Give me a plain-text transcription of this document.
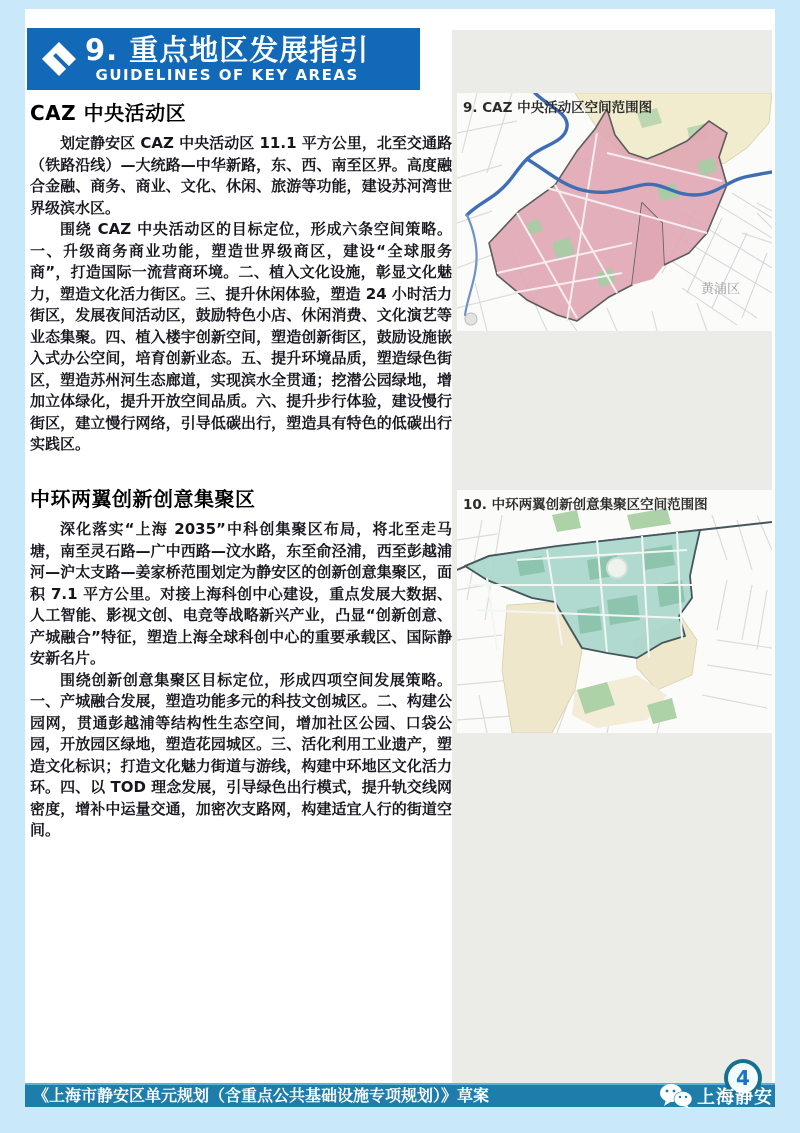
9. 重点地区发展指引
GUIDELINES OF KEY AREAS
CAZ 中央活动区

划定静安区 CAZ 中央活动区 11.1 平方公里，北至交通路（铁路沿线）—大统路—中华新路，东、西、南至区界。高度融合金融、商务、商业、文化、休闲、旅游等功能，建设苏河湾世界级滨水区。

围绕 CAZ 中央活动区的目标定位，形成六条空间策略。一、升级商务商业功能，塑造世界级商区，建设“全球服务商”，打造国际一流营商环境。二、植入文化设施，彰显文化魅力，塑造文化活力街区。三、提升休闲体验，塑造 24 小时活力街区，发展夜间活动区，鼓励特色小店、休闲消费、文化演艺等业态集聚。四、植入楼宇创新空间，塑造创新街区，鼓励设施嵌入式办公空间，培育创新业态。五、提升环境品质，塑造绿色街区，塑造苏州河生态廊道，实现滨水全贯通；挖潜公园绿地，增加立体绿化，提升开放空间品质。六、提升步行体验，建设慢行街区，建立慢行网络，引导低碳出行，塑造具有特色的低碳出行实践区。

中环两翼创新创意集聚区

深化落实“上海 2035”中科创集聚区布局，将北至走马塘，南至灵石路—广中西路—汶水路，东至俞泾浦，西至彭越浦河—沪太支路—姜家桥范围划定为静安区的创新创意集聚区，面积 7.1 平方公里。对接上海科创中心建设，重点发展大数据、人工智能、影视文创、电竞等战略新兴产业，凸显“创新创意、产城融合”特征，塑造上海全球科创中心的重要承载区、国际静安新名片。

围绕创新创意集聚区目标定位，形成四项空间发展策略。一、产城融合发展，塑造功能多元的科技文创城区。二、构建公园网，贯通彭越浦等结构性生态空间，增加社区公园、口袋公园，开放园区绿地，塑造花园城区。三、活化利用工业遗产，塑造文化标识；打造文化魅力街道与游线，构建中环地区文化活力环。四、以 TOD 理念发展，引导绿色出行模式，提升轨交线网密度，增补中运量交通，加密次支路网，构建适宜人行的街道空间。

9. CAZ 中央活动区空间范围图
黄浦区
10. 中环两翼创新创意集聚区空间范围图
《上海市静安区单元规划（含重点公共基础设施专项规划）》草案
4
上海静安
